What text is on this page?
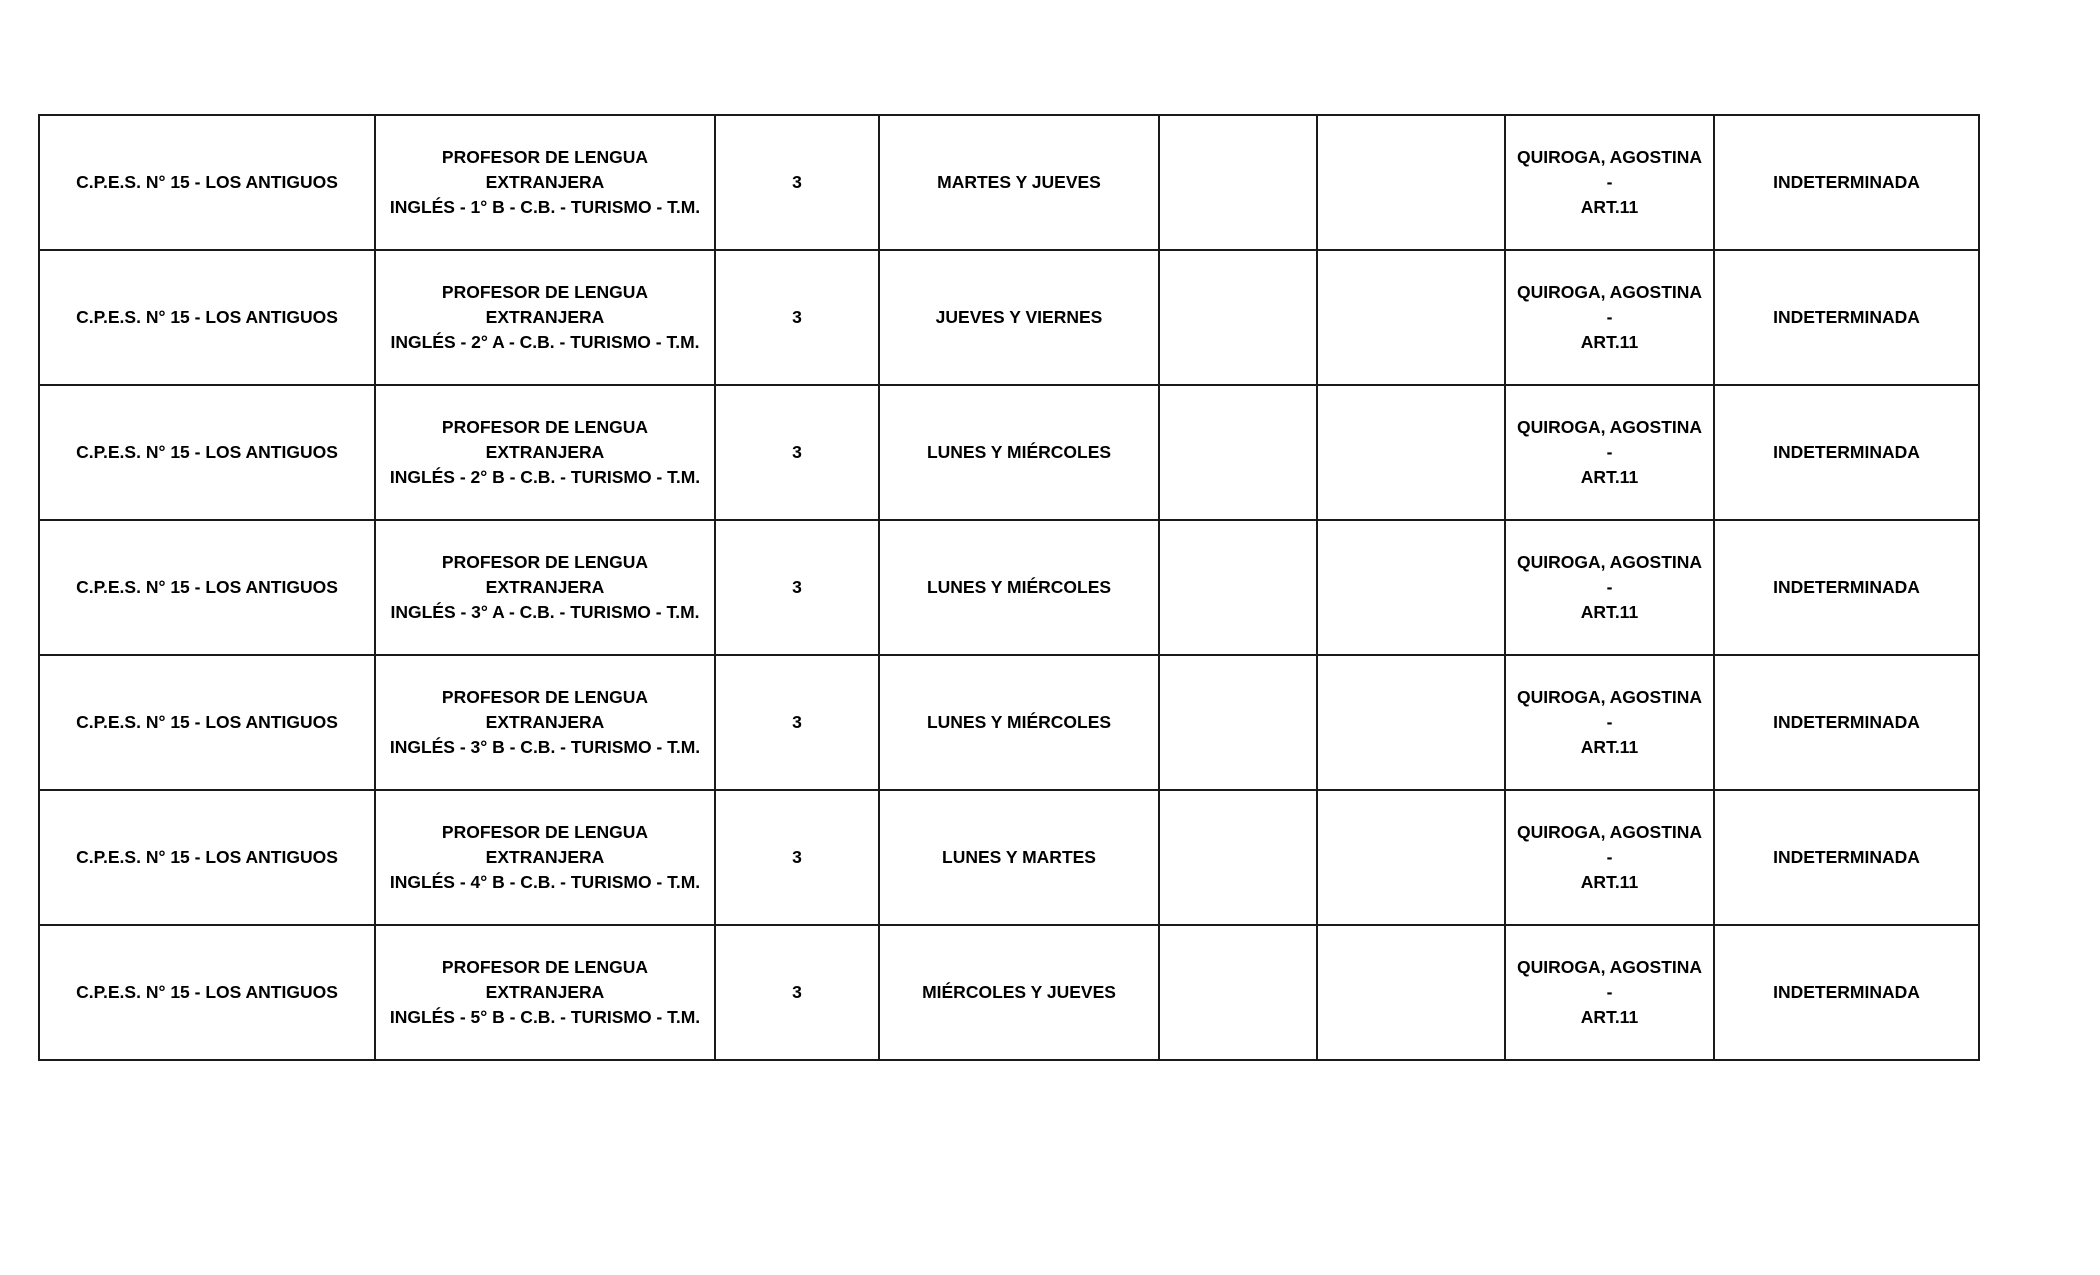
C.P.E.S. N° 15 - LOS ANTIGUOS	PROFESOR DE LENGUA EXTRANJERA
INGLÉS - 1° B - C.B. - TURISMO - T.M.	3	MARTES Y JUEVES			QUIROGA, AGOSTINA -
ART.11	INDETERMINADA
C.P.E.S. N° 15 - LOS ANTIGUOS	PROFESOR DE LENGUA EXTRANJERA
INGLÉS - 2° A - C.B. - TURISMO - T.M.	3	JUEVES Y VIERNES			QUIROGA, AGOSTINA -
ART.11	INDETERMINADA
C.P.E.S. N° 15 - LOS ANTIGUOS	PROFESOR DE LENGUA EXTRANJERA
INGLÉS - 2° B - C.B. - TURISMO - T.M.	3	LUNES Y MIÉRCOLES			QUIROGA, AGOSTINA -
ART.11	INDETERMINADA
C.P.E.S. N° 15 - LOS ANTIGUOS	PROFESOR DE LENGUA EXTRANJERA
INGLÉS - 3° A - C.B. - TURISMO - T.M.	3	LUNES Y MIÉRCOLES			QUIROGA, AGOSTINA -
ART.11	INDETERMINADA
C.P.E.S. N° 15 - LOS ANTIGUOS	PROFESOR DE LENGUA EXTRANJERA
INGLÉS - 3° B - C.B. - TURISMO - T.M.	3	LUNES Y MIÉRCOLES			QUIROGA, AGOSTINA -
ART.11	INDETERMINADA
C.P.E.S. N° 15 - LOS ANTIGUOS	PROFESOR DE LENGUA EXTRANJERA
INGLÉS - 4° B - C.B. - TURISMO - T.M.	3	LUNES Y MARTES			QUIROGA, AGOSTINA -
ART.11	INDETERMINADA
C.P.E.S. N° 15 - LOS ANTIGUOS	PROFESOR DE LENGUA EXTRANJERA
INGLÉS - 5° B - C.B. - TURISMO - T.M.	3	MIÉRCOLES Y JUEVES			QUIROGA, AGOSTINA -
ART.11	INDETERMINADA
